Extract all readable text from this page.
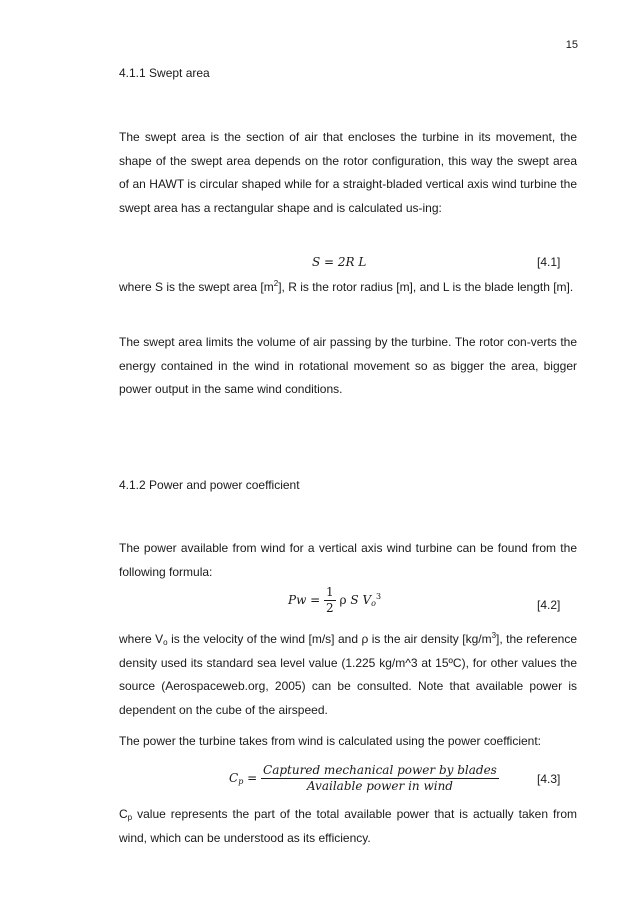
15
4.1.1 Swept area

The swept area is the section of air that encloses the turbine in its movement, the shape of the swept area depends on the rotor configuration, this way the swept area of an HAWT is circular shaped while for a straight-bladed vertical axis wind turbine the swept area has a rectangular shape and is calculated us-ing:

S = 2R L	[4.1]

where S is the swept area $[m^2]$, R is the rotor radius [m], and L is the blade length [m].

The swept area limits the volume of air passing by the turbine. The rotor con-verts the energy contained in the wind in rotational movement so as bigger the area, bigger power output in the same wind conditions.

4.1.2 Power and power coefficient

The power available from wind for a vertical axis wind turbine can be found from the following formula:

$Pw = \frac{1}{2}$ ρ S $V_o^3$
[4.2]

where $V_o$ is the velocity of the wind [m/s] and ρ is the air density $[kg/m^3]$, the reference density used its standard sea level value (1.225 kg/m^3 at 15ºC), for other values the source (Aerospaceweb.org, 2005) can be consulted. Note that available power is dependent on the cube of the airspeed.

The power the turbine takes from wind is calculated using the power coefficient:

$C_p = \frac{\text{Captured mechanical power by blades}}{\text{Available power in wind}}$	[4.3]

$C_p$ value represents the part of the total available power that is actually taken from wind, which can be understood as its efficiency.
